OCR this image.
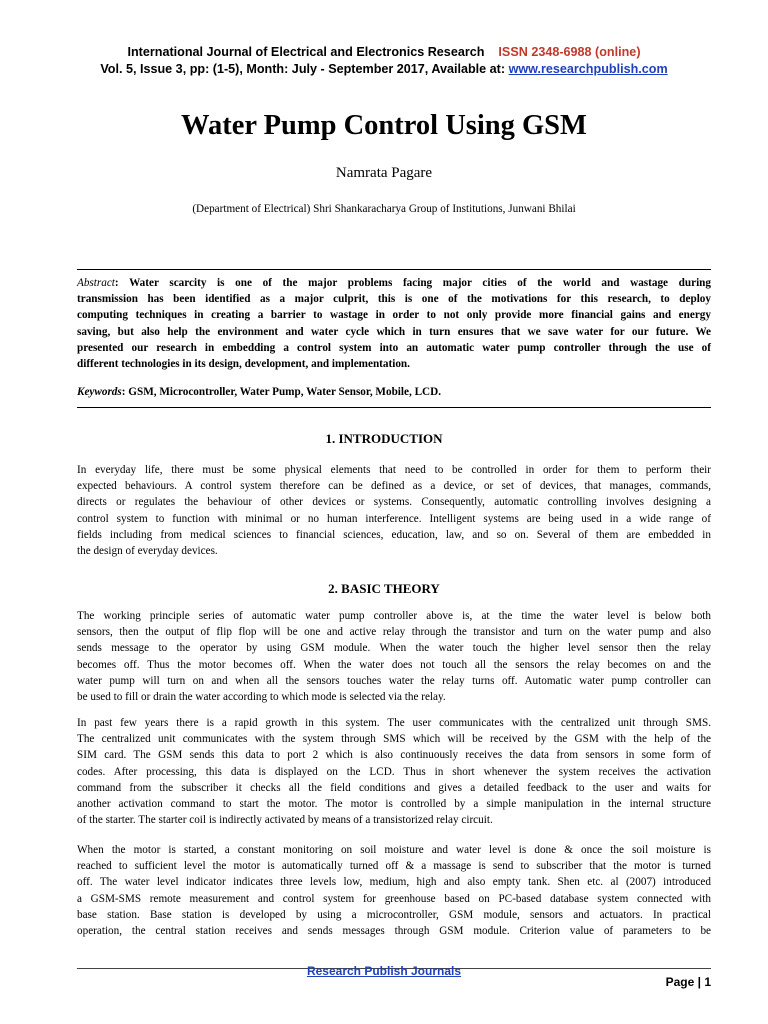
International Journal of Electrical and Electronics Research ISSN 2348-6988 (online)
Vol. 5, Issue 3, pp: (1-5), Month: July - September 2017, Available at: www.researchpublish.com
Water Pump Control Using GSM
Namrata Pagare
(Department of Electrical) Shri Shankaracharya Group of Institutions, Junwani Bhilai
Abstract: Water scarcity is one of the major problems facing major cities of the world and wastage during
transmission has been identified as a major culprit, this is one of the motivations for this research, to deploy
computing techniques in creating a barrier to wastage in order to not only provide more financial gains and energy
saving, but also help the environment and water cycle which in turn ensures that we save water for our future. We
presented our research in embedding a control system into an automatic water pump controller through the use of
different technologies in its design, development, and implementation.
Keywords: GSM, Microcontroller, Water Pump, Water Sensor, Mobile, LCD.
1. INTRODUCTION
In everyday life, there must be some physical elements that need to be controlled in order for them to perform their
expected behaviours. A control system therefore can be defined as a device, or set of devices, that manages, commands,
directs or regulates the behaviour of other devices or systems. Consequently, automatic controlling involves designing a
control system to function with minimal or no human interference. Intelligent systems are being used in a wide range of
fields including from medical sciences to financial sciences, education, law, and so on. Several of them are embedded in
the design of everyday devices.
2. BASIC THEORY
The working principle series of automatic water pump controller above is, at the time the water level is below both
sensors, then the output of flip flop will be one and active relay through the transistor and turn on the water pump and also
sends message to the operator by using GSM module. When the water touch the higher level sensor then the relay
becomes off. Thus the motor becomes off. When the water does not touch all the sensors the relay becomes on and the
water pump will turn on and when all the sensors touches water the relay turns off. Automatic water pump controller can
be used to fill or drain the water according to which mode is selected via the relay.
In past few years there is a rapid growth in this system. The user communicates with the centralized unit through SMS.
The centralized unit communicates with the system through SMS which will be received by the GSM with the help of the
SIM card. The GSM sends this data to port 2 which is also continuously receives the data from sensors in some form of
codes. After processing, this data is displayed on the LCD. Thus in short whenever the system receives the activation
command from the subscriber it checks all the field conditions and gives a detailed feedback to the user and waits for
another activation command to start the motor. The motor is controlled by a simple manipulation in the internal structure
of the starter. The starter coil is indirectly activated by means of a transistorized relay circuit.
When the motor is started, a constant monitoring on soil moisture and water level is done & once the soil moisture is
reached to sufficient level the motor is automatically turned off & a massage is send to subscriber that the motor is turned
off. The water level indicator indicates three levels low, medium, high and also empty tank. Shen etc. al (2007) introduced
a GSM-SMS remote measurement and control system for greenhouse based on PC-based database system connected with
base station. Base station is developed by using a microcontroller, GSM module, sensors and actuators. In practical
operation, the central station receives and sends messages through GSM module. Criterion value of parameters to be
Page | 1
Research Publish Journals
